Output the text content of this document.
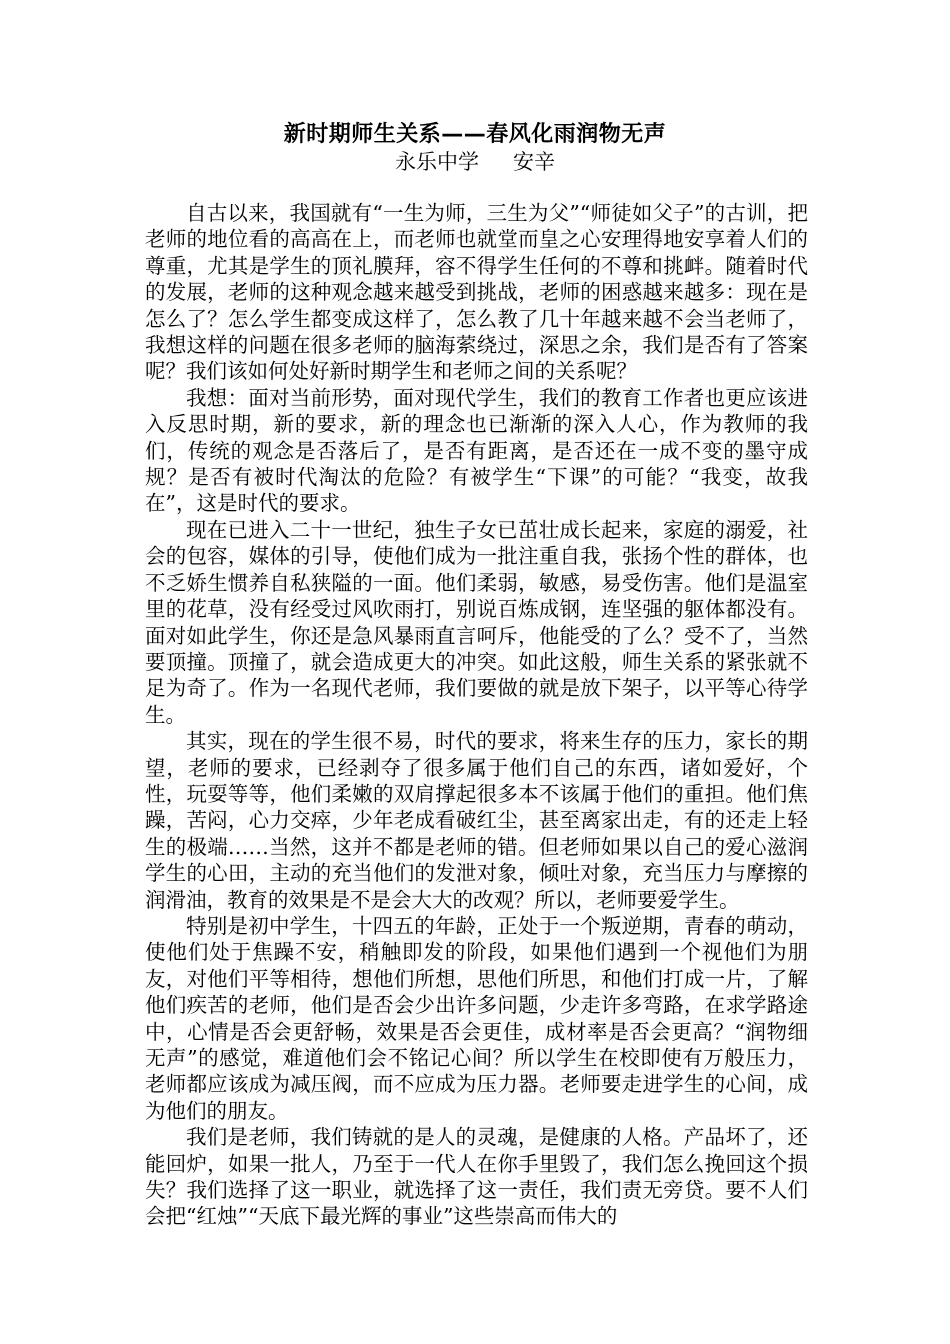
新时期师生关系——春风化雨润物无声
永乐中学 安辛

自古以来，我国就有“一生为师，三生为父”“师徒如父子”的古训，把老师的地位看的高高在上，而老师也就堂而皇之心安理得地安享着人们的尊重，尤其是学生的顶礼膜拜，容不得学生任何的不尊和挑衅。随着时代的发展，老师的这种观念越来越受到挑战，老师的困惑越来越多：现在是怎么了？怎么学生都变成这样了，怎么教了几十年越来越不会当老师了，我想这样的问题在很多老师的脑海萦绕过，深思之余，我们是否有了答案呢？我们该如何处好新时期学生和老师之间的关系呢？

我想：面对当前形势，面对现代学生，我们的教育工作者也更应该进入反思时期，新的要求，新的理念也已渐渐的深入人心，作为教师的我们，传统的观念是否落后了，是否有距离，是否还在一成不变的墨守成规？是否有被时代淘汰的危险？有被学生“下课”的可能？“我变，故我在”，这是时代的要求。

现在已进入二十一世纪，独生子女已茁壮成长起来，家庭的溺爱，社会的包容，媒体的引导，使他们成为一批注重自我，张扬个性的群体，也不乏娇生惯养自私狭隘的一面。他们柔弱，敏感，易受伤害。他们是温室里的花草，没有经受过风吹雨打，别说百炼成钢，连坚强的躯体都没有。面对如此学生，你还是急风暴雨直言呵斥，他能受的了么？受不了，当然要顶撞。顶撞了，就会造成更大的冲突。如此这般，师生关系的紧张就不足为奇了。作为一名现代老师，我们要做的就是放下架子，以平等心待学生。

其实，现在的学生很不易，时代的要求，将来生存的压力，家长的期望，老师的要求，已经剥夺了很多属于他们自己的东西，诸如爱好，个性，玩耍等等，他们柔嫩的双肩撑起很多本不该属于他们的重担。他们焦躁，苦闷，心力交瘁，少年老成看破红尘，甚至离家出走，有的还走上轻生的极端……当然，这并不都是老师的错。但老师如果以自己的爱心滋润学生的心田，主动的充当他们的发泄对象，倾吐对象，充当压力与摩擦的润滑油，教育的效果是不是会大大的改观？所以，老师要爱学生。

特别是初中学生，十四五的年龄，正处于一个叛逆期，青春的萌动，使他们处于焦躁不安，稍触即发的阶段，如果他们遇到一个视他们为朋友，对他们平等相待，想他们所想，思他们所思，和他们打成一片，了解他们疾苦的老师，他们是否会少出许多问题，少走许多弯路，在求学路途中，心情是否会更舒畅，效果是否会更佳，成材率是否会更高？“润物细无声”的感觉，难道他们会不铭记心间？所以学生在校即使有万般压力，老师都应该成为减压阀，而不应成为压力器。老师要走进学生的心间，成为他们的朋友。

我们是老师，我们铸就的是人的灵魂，是健康的人格。产品坏了，还能回炉，如果一批人，乃至于一代人在你手里毁了，我们怎么挽回这个损失？我们选择了这一职业，就选择了这一责任，我们责无旁贷。要不人们会把“红烛”“天底下最光辉的事业”这些崇高而伟大的
